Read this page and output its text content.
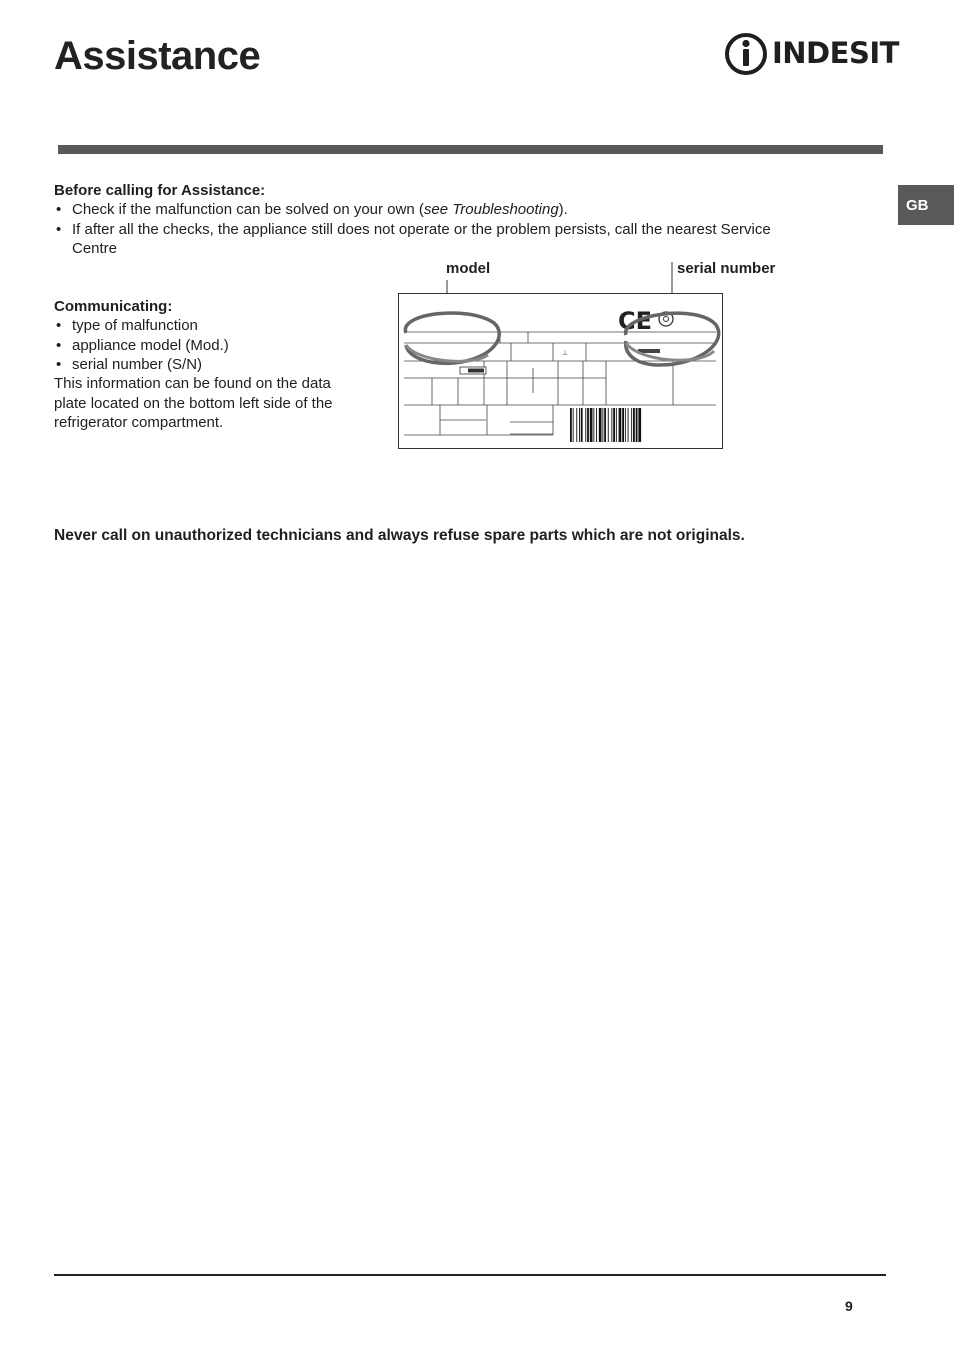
Assistance	INDESIT
GB
Before calling for Assistance:
• Check if the malfunction can be solved on your own (see Troubleshooting).
• If after all the checks, the appliance still does not operate or the problem persists, call the nearest Service
Centre
Communicating:
• type of malfunction
• appliance model (Mod.)
• serial number (S/N)

This information can be found on the data
plate located on the bottom left side of the
refrigerator compartment.

model	serial number
CE
⊥

Never call on unauthorized technicians and always refuse spare parts which are not originals.

9
